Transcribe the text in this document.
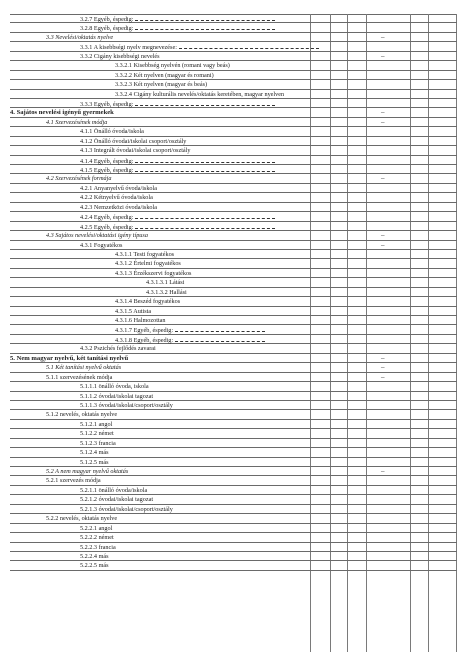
3.2.7 Egyéb, éspedig:
3.2.8 Egyéb, éspedig:
3.3 Nevelési/oktatás nyelve	–
3.3.1 A kisebbségi nyelv megnevezése:
3.3.2 Cigány kisebbségi nevelés	–
3.3.2.1 Kisebbség nyelvén (romani vagy beás)
3.3.2.2 Két nyelven (magyar és romani)
3.3.2.3 Két nyelven (magyar és beás)
3.3.2.4 Cigány kulturális nevelés/oktatás keretében, magyar nyelven
3.3.3 Egyéb, éspedig:
4. Sajátos nevelési igényű gyermekek	–
4.1 Szervezésének módja	–
4.1.1 Önálló óvoda/iskola
4.1.2 Önálló óvodai/iskolai csoport/osztály
4.1.3 Integrált óvodai/iskolai csoport/osztály
4.1.4 Egyéb, éspedig:
4.1.5 Egyéb, éspedig:
4.2 Szervezésének formája	–
4.2.1 Anyanyelvű óvoda/iskola
4.2.2 Kétnyelvű óvoda/iskola
4.2.3 Nemzetközi óvoda/iskola
4.2.4 Egyéb, éspedig:
4.2.5 Egyéb, éspedig:
4.3 Sajátos nevelési/oktatási igény típusa	–
4.3.1 Fogyatékos	–
4.3.1.1 Testi fogyatékos
4.3.1.2 Értelmi fogyatékos
4.3.1.3 Érzékszervi fogyatékos
4.3.1.3.1 Látási
4.3.1.3.2 Hallási
4.3.1.4 Beszéd fogyatékos
4.3.1.5 Autista
4.3.1.6 Halmozottan
4.3.1.7 Egyéb, éspedig:
4.3.1.8 Egyéb, éspedig:
4.3.2 Pszichés fejlődés zavarai
5. Nem magyar nyelvű, két tanítási nyelvű	–
5.1 Két tanítási nyelvű oktatás	–
5.1.1 szervezésének módja	–
5.1.1.1 önálló óvoda, iskola
5.1.1.2 óvodai/iskolai tagozat
5.1.1.3 óvodai/iskolai/csoport/osztály
5.1.2 nevelés, oktatás nyelve
5.1.2.1 angol
5.1.2.2 német
5.1.2.3 francia
5.1.2.4 más
5.1.2.5 más
5.2 A nem magyar nyelvű oktatás	–
5.2.1 szervezés módja
5.2.1.1 önálló óvoda/iskola
5.2.1.2 óvodai/iskolai tagozat
5.2.1.3 óvodai/iskolai/csoport/osztály
5.2.2 nevelés, oktatás nyelve
5.2.2.1 angol
5.2.2.2 német
5.2.2.3 francia
5.2.2.4 más
5.2.2.5 más
